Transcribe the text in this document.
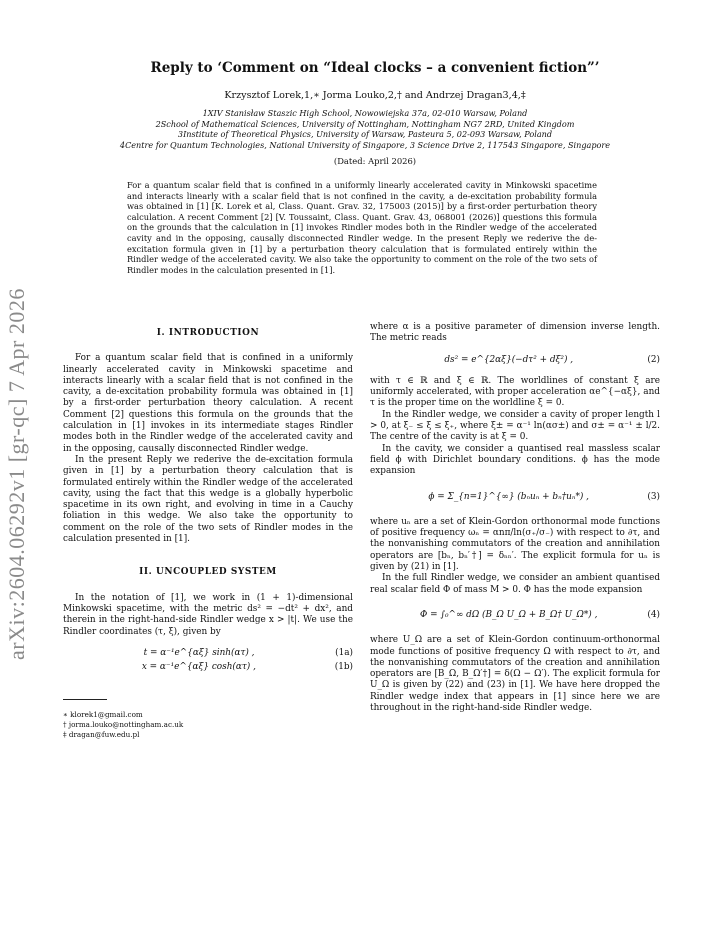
arXiv:2604.06292v1 [gr-qc] 7 Apr 2026
Reply to ‘Comment on “Ideal clocks – a convenient fiction”’
Krzysztof Lorek,1,∗ Jorma Louko,2,† and Andrzej Dragan3,4,‡
1XIV Stanisław Staszic High School, Nowowiejska 37a, 02-010 Warsaw, Poland
2School of Mathematical Sciences, University of Nottingham, Nottingham NG7 2RD, United Kingdom
3Institute of Theoretical Physics, University of Warsaw, Pasteura 5, 02-093 Warsaw, Poland
4Centre for Quantum Technologies, National University of Singapore, 3 Science Drive 2, 117543 Singapore, Singapore
(Dated: April 2026)
For a quantum scalar field that is confined in a uniformly linearly accelerated cavity in Minkowski spacetime and interacts linearly with a scalar field that is not confined in the cavity, a de-excitation probability formula was obtained in [1] [K. Lorek et al, Class. Quant. Grav. 32, 175003 (2015)] by a first-order perturbation theory calculation. A recent Comment [2] [V. Toussaint, Class. Quant. Grav. 43, 068001 (2026)] questions this formula on the grounds that the calculation in [1] invokes Rindler modes both in the Rindler wedge of the accelerated cavity and in the opposing, causally disconnected Rindler wedge. In the present Reply we rederive the de-excitation formula given in [1] by a perturbation theory calculation that is formulated entirely within the Rindler wedge of the accelerated cavity. We also take the opportunity to comment on the role of the two sets of Rindler modes in the calculation presented in [1].
I. INTRODUCTION

For a quantum scalar field that is confined in a uniformly linearly accelerated cavity in Minkowski spacetime and interacts linearly with a scalar field that is not confined in the cavity, a de-excitation probability formula was obtained in [1] by a first-order perturbation theory calculation. A recent Comment [2] questions this formula on the grounds that the calculation in [1] invokes in its intermediate stages Rindler modes both in the Rindler wedge of the accelerated cavity and in the opposing, causally disconnected Rindler wedge.

In the present Reply we rederive the de-excitation formula given in [1] by a perturbation theory calculation that is formulated entirely within the Rindler wedge of the accelerated cavity, using the fact that this wedge is a globally hyperbolic spacetime in its own right, and evolving in time in a Cauchy foliation in this wedge. We also take the opportunity to comment on the role of the two sets of Rindler modes in the calculation presented in [1].

II. UNCOUPLED SYSTEM

In the notation of [1], we work in (1 + 1)-dimensional Minkowski spacetime, with the metric ds² = −dt² + dx², and therein in the right-hand-side Rindler wedge x > |t|. We use the Rindler coordinates (τ, ξ), given by

t = α⁻¹e^{αξ} sinh(ατ) ,	(1a)
x = α⁻¹e^{αξ} cosh(ατ) ,	(1b)
∗ klorek1@gmail.com
† jorma.louko@nottingham.ac.uk
‡ dragan@fuw.edu.pl

where α is a positive parameter of dimension inverse length. The metric reads

ds² = e^{2αξ}(−dτ² + dξ²) ,	(2)

with τ ∈ ℝ and ξ ∈ ℝ. The worldlines of constant ξ are uniformly accelerated, with proper acceleration αe^{−αξ}, and τ is the proper time on the worldline ξ = 0.

In the Rindler wedge, we consider a cavity of proper length l > 0, at ξ₋ ≤ ξ ≤ ξ₊, where ξ± = α⁻¹ ln(ασ±) and σ± = α⁻¹ ± l/2. The centre of the cavity is at ξ = 0.

In the cavity, we consider a quantised real massless scalar field ϕ with Dirichlet boundary conditions. ϕ has the mode expansion

ϕ = Σ_{n=1}^{∞} (bₙuₙ + bₙ†uₙ*) ,	(3)

where uₙ are a set of Klein-Gordon orthonormal mode functions of positive frequency ωₙ = αnπ/ln(σ₊/σ₋) with respect to ∂τ, and the nonvanishing commutators of the creation and annihilation operators are [bₙ, bₙ′†] = δₙₙ′. The explicit formula for uₙ is given by (21) in [1].

In the full Rindler wedge, we consider an ambient quantised real scalar field Φ of mass M > 0. Φ has the mode expansion

Φ = ∫₀^∞ dΩ (B_Ω U_Ω + B_Ω† U_Ω*) ,	(4)

where U_Ω are a set of Klein-Gordon continuum-orthonormal mode functions of positive frequency Ω with respect to ∂τ, and the nonvanishing commutators of the creation and annihilation operators are [B_Ω, B_Ω′†] = δ(Ω − Ω′). The explicit formula for U_Ω is given by (22) and (23) in [1]. We have here dropped the Rindler wedge index that appears in [1] since here we are throughout in the right-hand-side Rindler wedge.
